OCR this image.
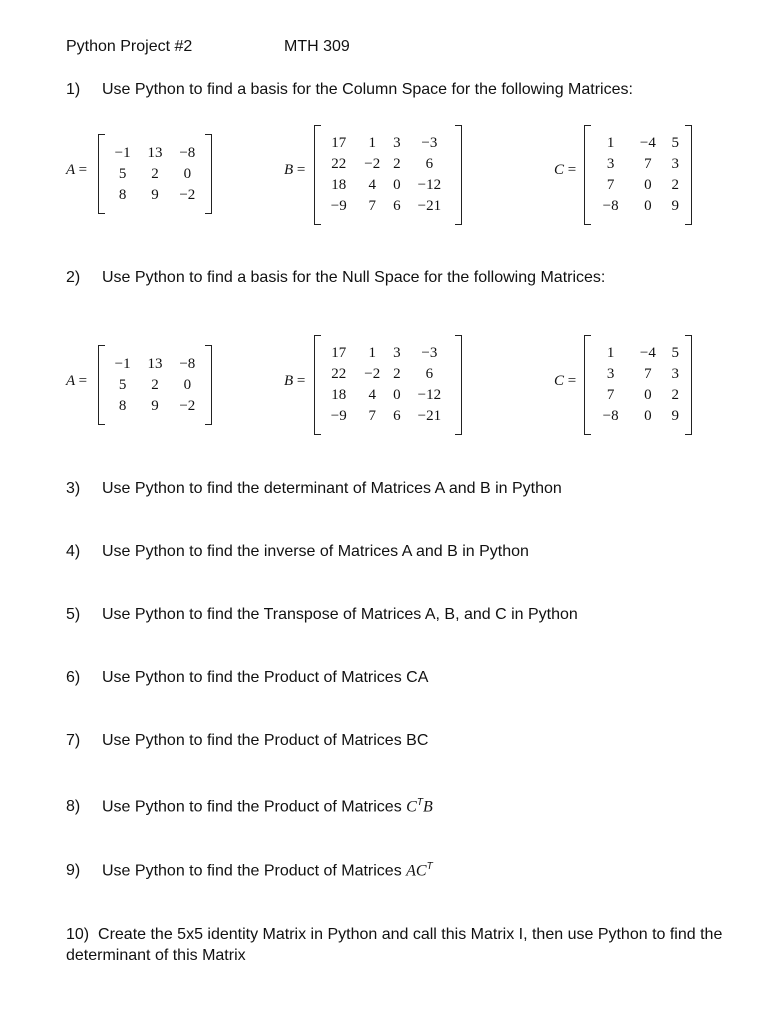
Python Project #2	MTH 309
1) Use Python to find a basis for the Column Space for the following Matrices:
A =
−1	13	−8
5	2	0
8	9	−2
B =
17	1	3	−3
22	−2	2	6
18	4	0	−12
−9	7	6	−21
C =
1	−4	5
3	7	3
7	0	2
−8	0	9
2) Use Python to find a basis for the Null Space for the following Matrices:
A =
−1	13	−8
5	2	0
8	9	−2
B =
17	1	3	−3
22	−2	2	6
18	4	0	−12
−9	7	6	−21
C =
1	−4	5
3	7	3
7	0	2
−8	0	9
3) Use Python to find the determinant of Matrices A and B in Python
4) Use Python to find the inverse of Matrices A and B in Python
5) Use Python to find the Transpose of Matrices A, B, and C in Python
6) Use Python to find the Product of Matrices CA
7) Use Python to find the Product of Matrices BC
8) Use Python to find the Product of Matrices $C^TB$
9) Use Python to find the Product of Matrices $AC^T$
10) Create the 5x5 identity Matrix in Python and call this Matrix I, then use Python to find the determinant of this Matrix
